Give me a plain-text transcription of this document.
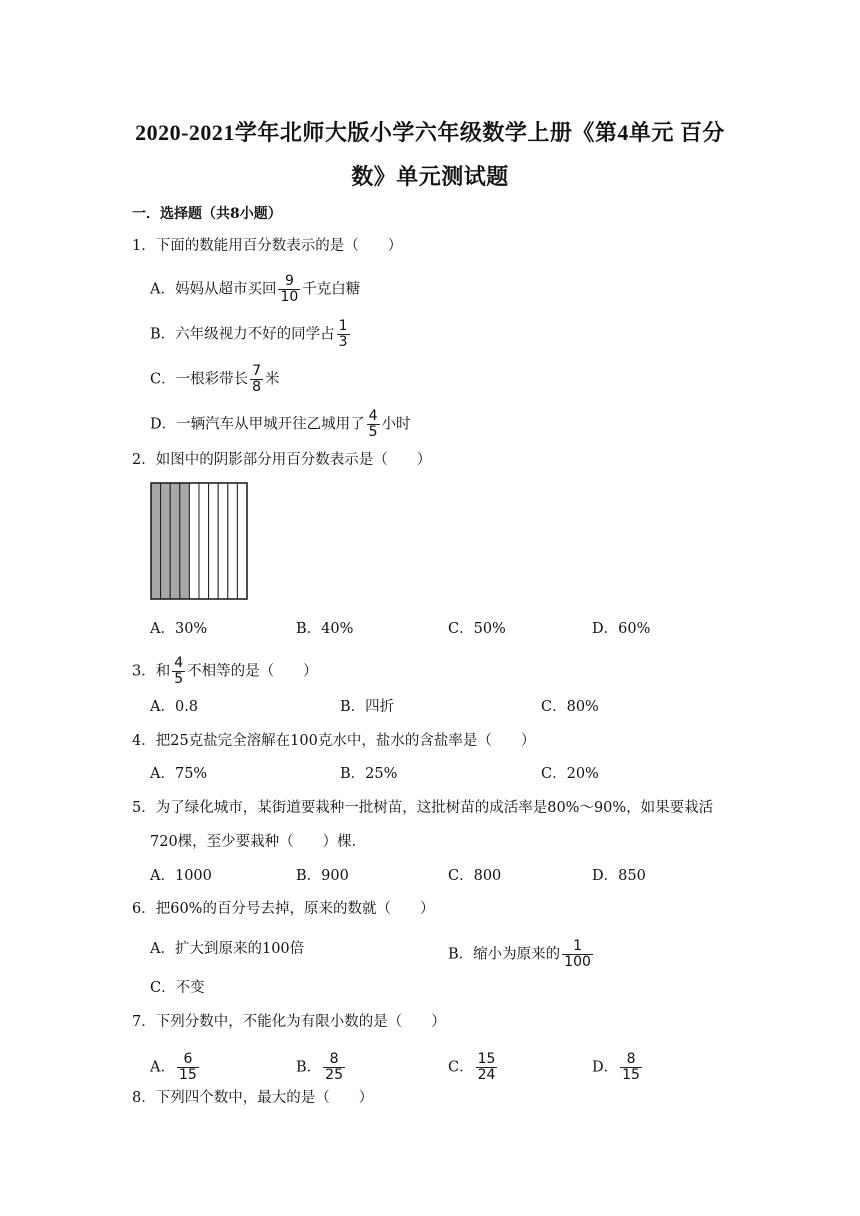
2020-2021学年北师大版小学六年级数学上册《第4单元 百分
数》单元测试题
一．选择题（共8小题）
1．下面的数能用百分数表示的是（　　）
A．妈妈从超市买回 $\frac{9}{10}$ 千克白糖
B．六年级视力不好的同学占 $\frac{1}{3}$
C．一根彩带长 $\frac{7}{8}$ 米
D．一辆汽车从甲城开往乙城用了 $\frac{4}{5}$ 小时
2．如图中的阴影部分用百分数表示是（　　）
A．30%	B．40%	C．50%	D．60%
3．和 $\frac{4}{5}$ 不相等的是（　　）
A．0.8	B．四折	C．80%
4．把25克盐完全溶解在100克水中，盐水的含盐率是（　　）
A．75%	B．25%	C．20%
5．为了绿化城市，某街道要栽种一批树苗，这批树苗的成活率是80%～90%，如果要栽活
720棵，至少要栽种（　　）棵．
A．1000	B．900	C．800	D．850
6．把60%的百分号去掉，原来的数就（　　）
A．扩大到原来的100倍	B．缩小为原来的 $\frac{1}{100}$
C．不变
7．下列分数中，不能化为有限小数的是（　　）
A． $\frac{6}{15}$	B． $\frac{8}{25}$	C． $\frac{15}{24}$	D． $\frac{8}{15}$
8．下列四个数中，最大的是（　　）
